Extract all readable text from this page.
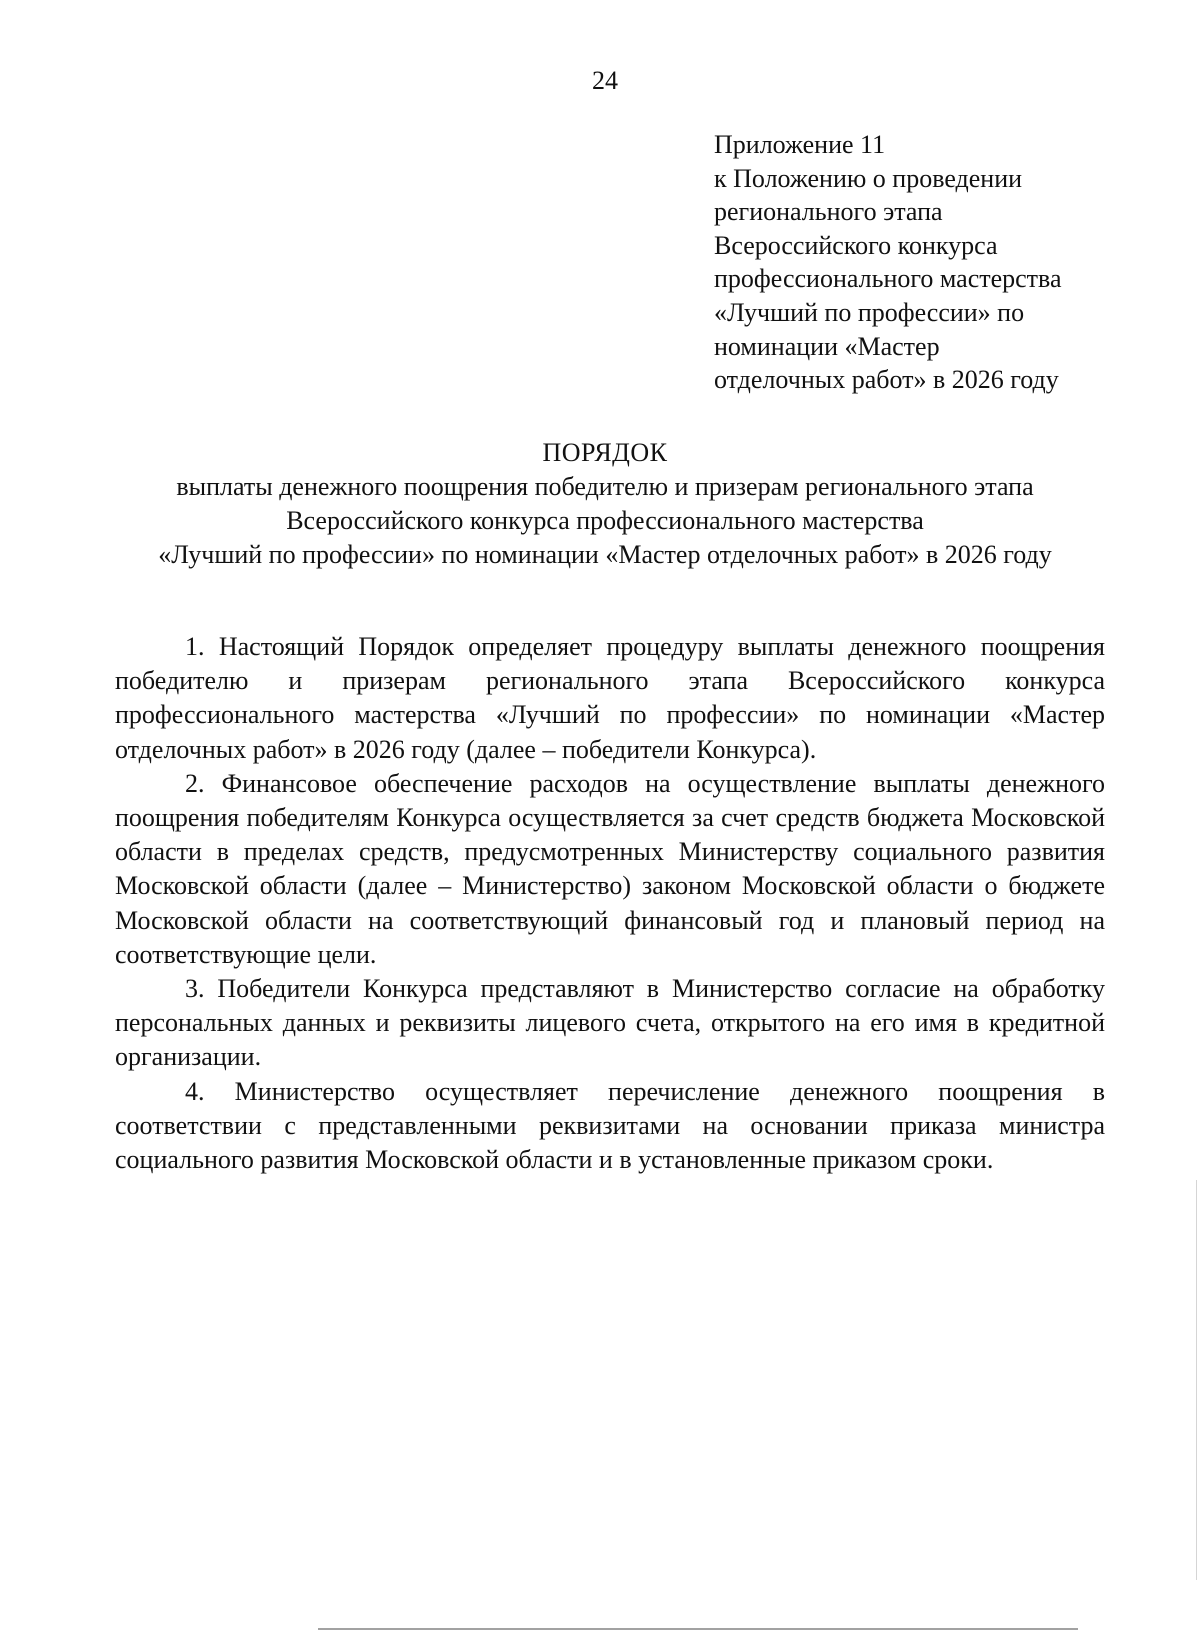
24
Приложение 11
к Положению о проведении
регионального этапа
Всероссийского конкурса
профессионального мастерства
«Лучший по профессии» по
номинации «Мастер
отделочных работ» в 2026 году
ПОРЯДОК
выплаты денежного поощрения победителю и призерам регионального этапа
Всероссийского конкурса профессионального мастерства
«Лучший по профессии» по номинации «Мастер отделочных работ» в 2026 году

1. Настоящий Порядок определяет процедуру выплаты денежного поощрения победителю и призерам регионального этапа Всероссийского конкурса профессионального мастерства «Лучший по профессии» по номинации «Мастер отделочных работ» в 2026 году (далее – победители Конкурса).

2. Финансовое обеспечение расходов на осуществление выплаты денежного поощрения победителям Конкурса осуществляется за счет средств бюджета Московской области в пределах средств, предусмотренных Министерству социального развития Московской области (далее – Министерство) законом Московской области о бюджете Московской области на соответствующий финансовый год и плановый период на соответствующие цели.

3. Победители Конкурса представляют в Министерство согласие на обработку персональных данных и реквизиты лицевого счета, открытого на его имя в кредитной организации.

4. Министерство осуществляет перечисление денежного поощрения в соответствии с представленными реквизитами на основании приказа министра социального развития Московской области и в установленные приказом сроки.
